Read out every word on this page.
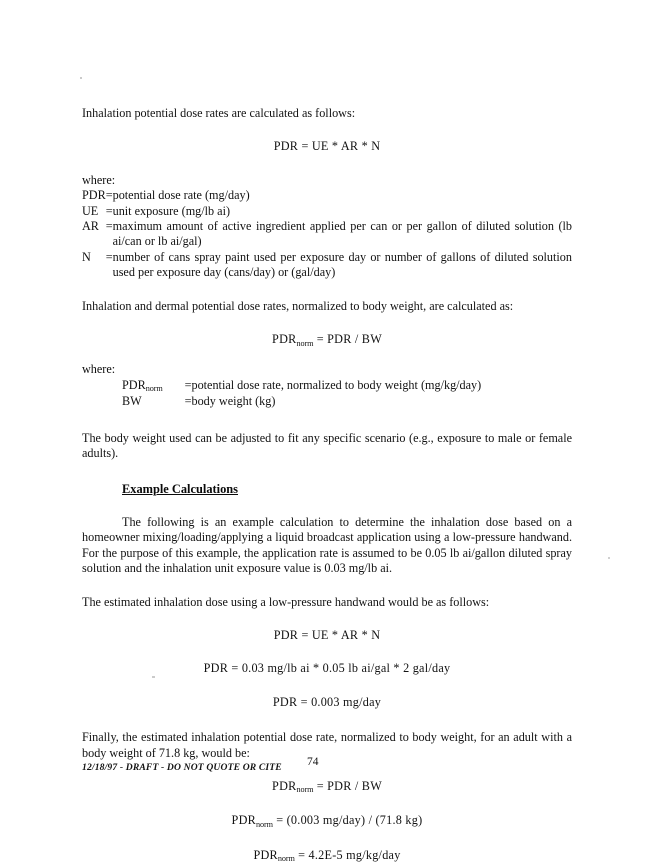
Inhalation potential dose rates are calculated as follows:

PDR = UE * AR * N

where:

PDR	=	potential dose rate (mg/day)
UE	=	unit exposure (mg/lb ai)
AR	=	maximum amount of active ingredient applied per can or per gallon of diluted solution (lb ai/can or lb ai/gal)
N	=	number of cans spray paint used per exposure day or number of gallons of diluted solution used per exposure day (cans/day) or (gal/day)

Inhalation and dermal potential dose rates, normalized to body weight, are calculated as:

$PDR_{norm}$ = PDR / BW

where:

$PDR_{norm}$	=	potential dose rate, normalized to body weight (mg/kg/day)
BW	=	body weight (kg)

The body weight used can be adjusted to fit any specific scenario (e.g., exposure to male or female adults).

Example Calculations

The following is an example calculation to determine the inhalation dose based on a homeowner mixing/loading/applying a liquid broadcast application using a low-pressure handwand. For the purpose of this example, the application rate is assumed to be 0.05 lb ai/gallon diluted spray solution and the inhalation unit exposure value is 0.03 mg/lb ai.

The estimated inhalation dose using a low-pressure handwand would be as follows:

PDR = UE * AR * N

PDR = 0.03 mg/lb ai * 0.05 lb ai/gal * 2 gal/day

PDR = 0.003 mg/day

Finally, the estimated inhalation potential dose rate, normalized to body weight, for an adult with a body weight of 71.8 kg, would be:

$PDR_{norm}$ = PDR / BW

$PDR_{norm} = (0.003$ mg/day) / (71.8 kg)

$PDR_{norm} = 4.2E-5$ mg/kg/day

12/18/97 - DRAFT - DO NOT QUOTE OR CITE 74
